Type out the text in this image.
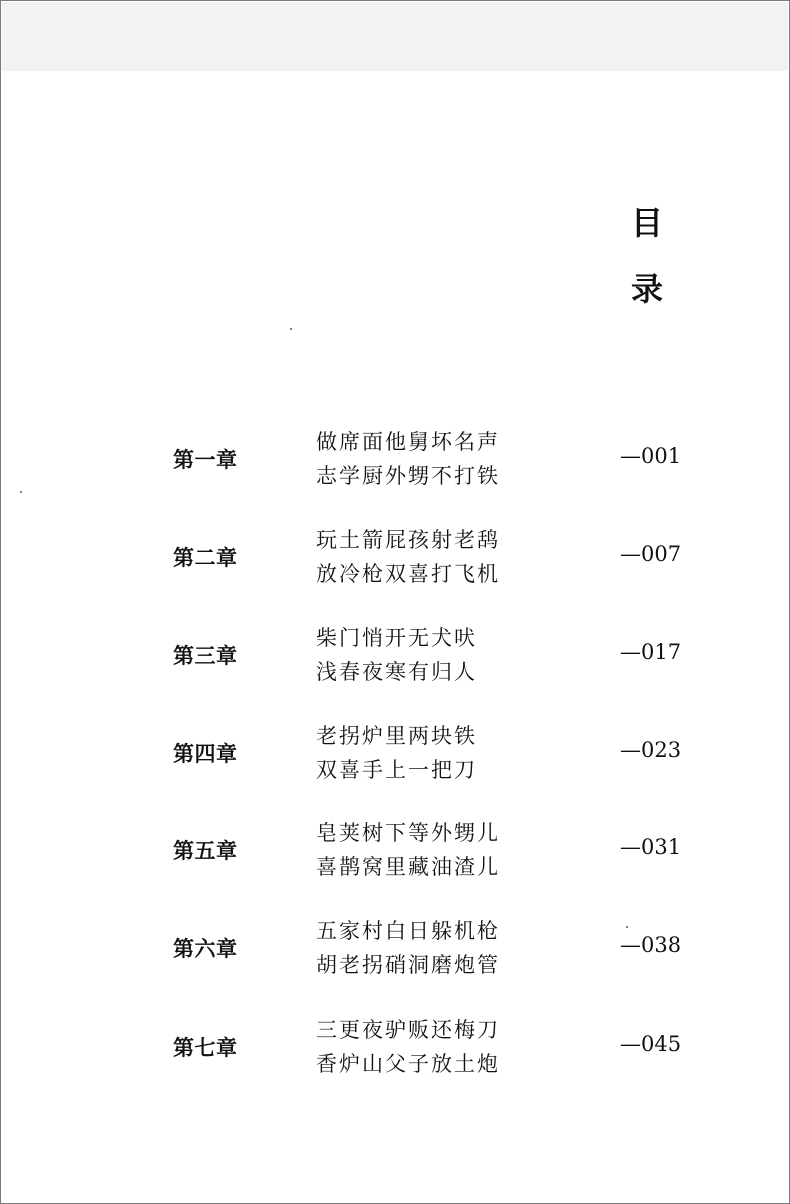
目
录
第一章
做席面他舅坏名声
志学厨外甥不打铁
—001
第二章
玩土箭屁孩射老鸹
放冷枪双喜打飞机
—007
第三章
柴门悄开无犬吠
浅春夜寒有归人
—017
第四章
老拐炉里两块铁
双喜手上一把刀
—023
第五章
皂荚树下等外甥儿
喜鹊窝里藏油渣儿
—031
第六章
五家村白日躲机枪
胡老拐硝洞磨炮管
—038
第七章
三更夜驴贩还梅刀
香炉山父子放土炮
—045
